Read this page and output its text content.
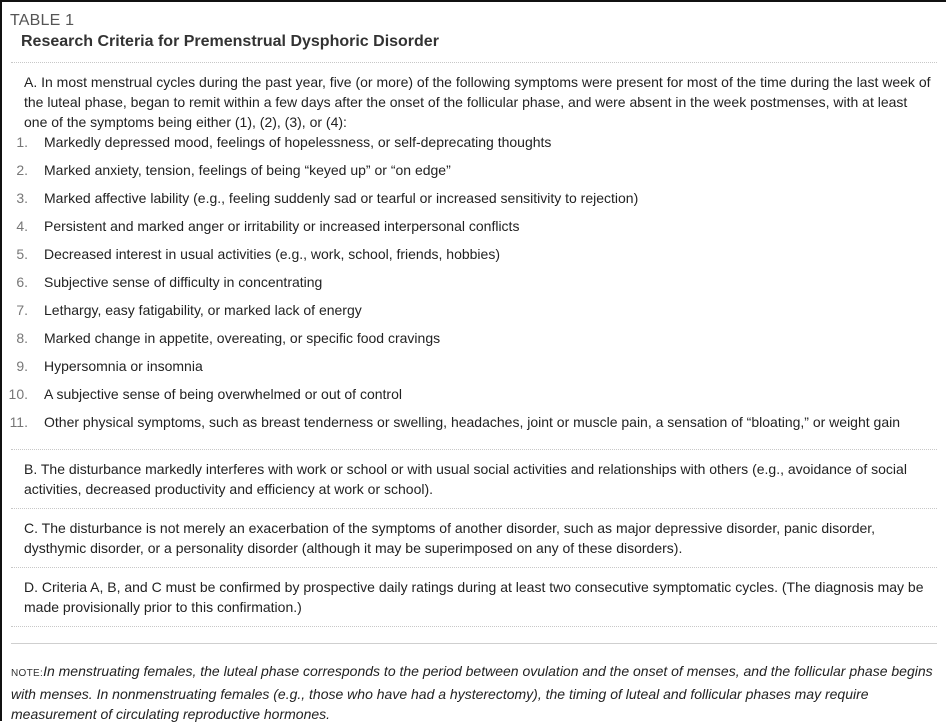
TABLE 1
Research Criteria for Premenstrual Dysphoric Disorder
A. In most menstrual cycles during the past year, five (or more) of the following symptoms were present for most of the time during the last week of the luteal phase, began to remit within a few days after the onset of the follicular phase, and were absent in the week postmenses, with at least one of the symptoms being either (1), (2), (3), or (4):
1. Markedly depressed mood, feelings of hopelessness, or self-deprecating thoughts
2. Marked anxiety, tension, feelings of being “keyed up” or “on edge”
3. Marked affective lability (e.g., feeling suddenly sad or tearful or increased sensitivity to rejection)
4. Persistent and marked anger or irritability or increased interpersonal conflicts
5. Decreased interest in usual activities (e.g., work, school, friends, hobbies)
6. Subjective sense of difficulty in concentrating
7. Lethargy, easy fatigability, or marked lack of energy
8. Marked change in appetite, overeating, or specific food cravings
9. Hypersomnia or insomnia
10. A subjective sense of being overwhelmed or out of control
11. Other physical symptoms, such as breast tenderness or swelling, headaches, joint or muscle pain, a sensation of “bloating,” or weight gain
B. The disturbance markedly interferes with work or school or with usual social activities and relationships with others (e.g., avoidance of social activities, decreased productivity and efficiency at work or school).
C. The disturbance is not merely an exacerbation of the symptoms of another disorder, such as major depressive disorder, panic disorder, dysthymic disorder, or a personality disorder (although it may be superimposed on any of these disorders).
D. Criteria A, B, and C must be confirmed by prospective daily ratings during at least two consecutive symptomatic cycles. (The diagnosis may be made provisionally prior to this confirmation.)
NOTE:In menstruating females, the luteal phase corresponds to the period between ovulation and the onset of menses, and the follicular phase begins with menses. In nonmenstruating females (e.g., those who have had a hysterectomy), the timing of luteal and follicular phases may require measurement of circulating reproductive hormones.
